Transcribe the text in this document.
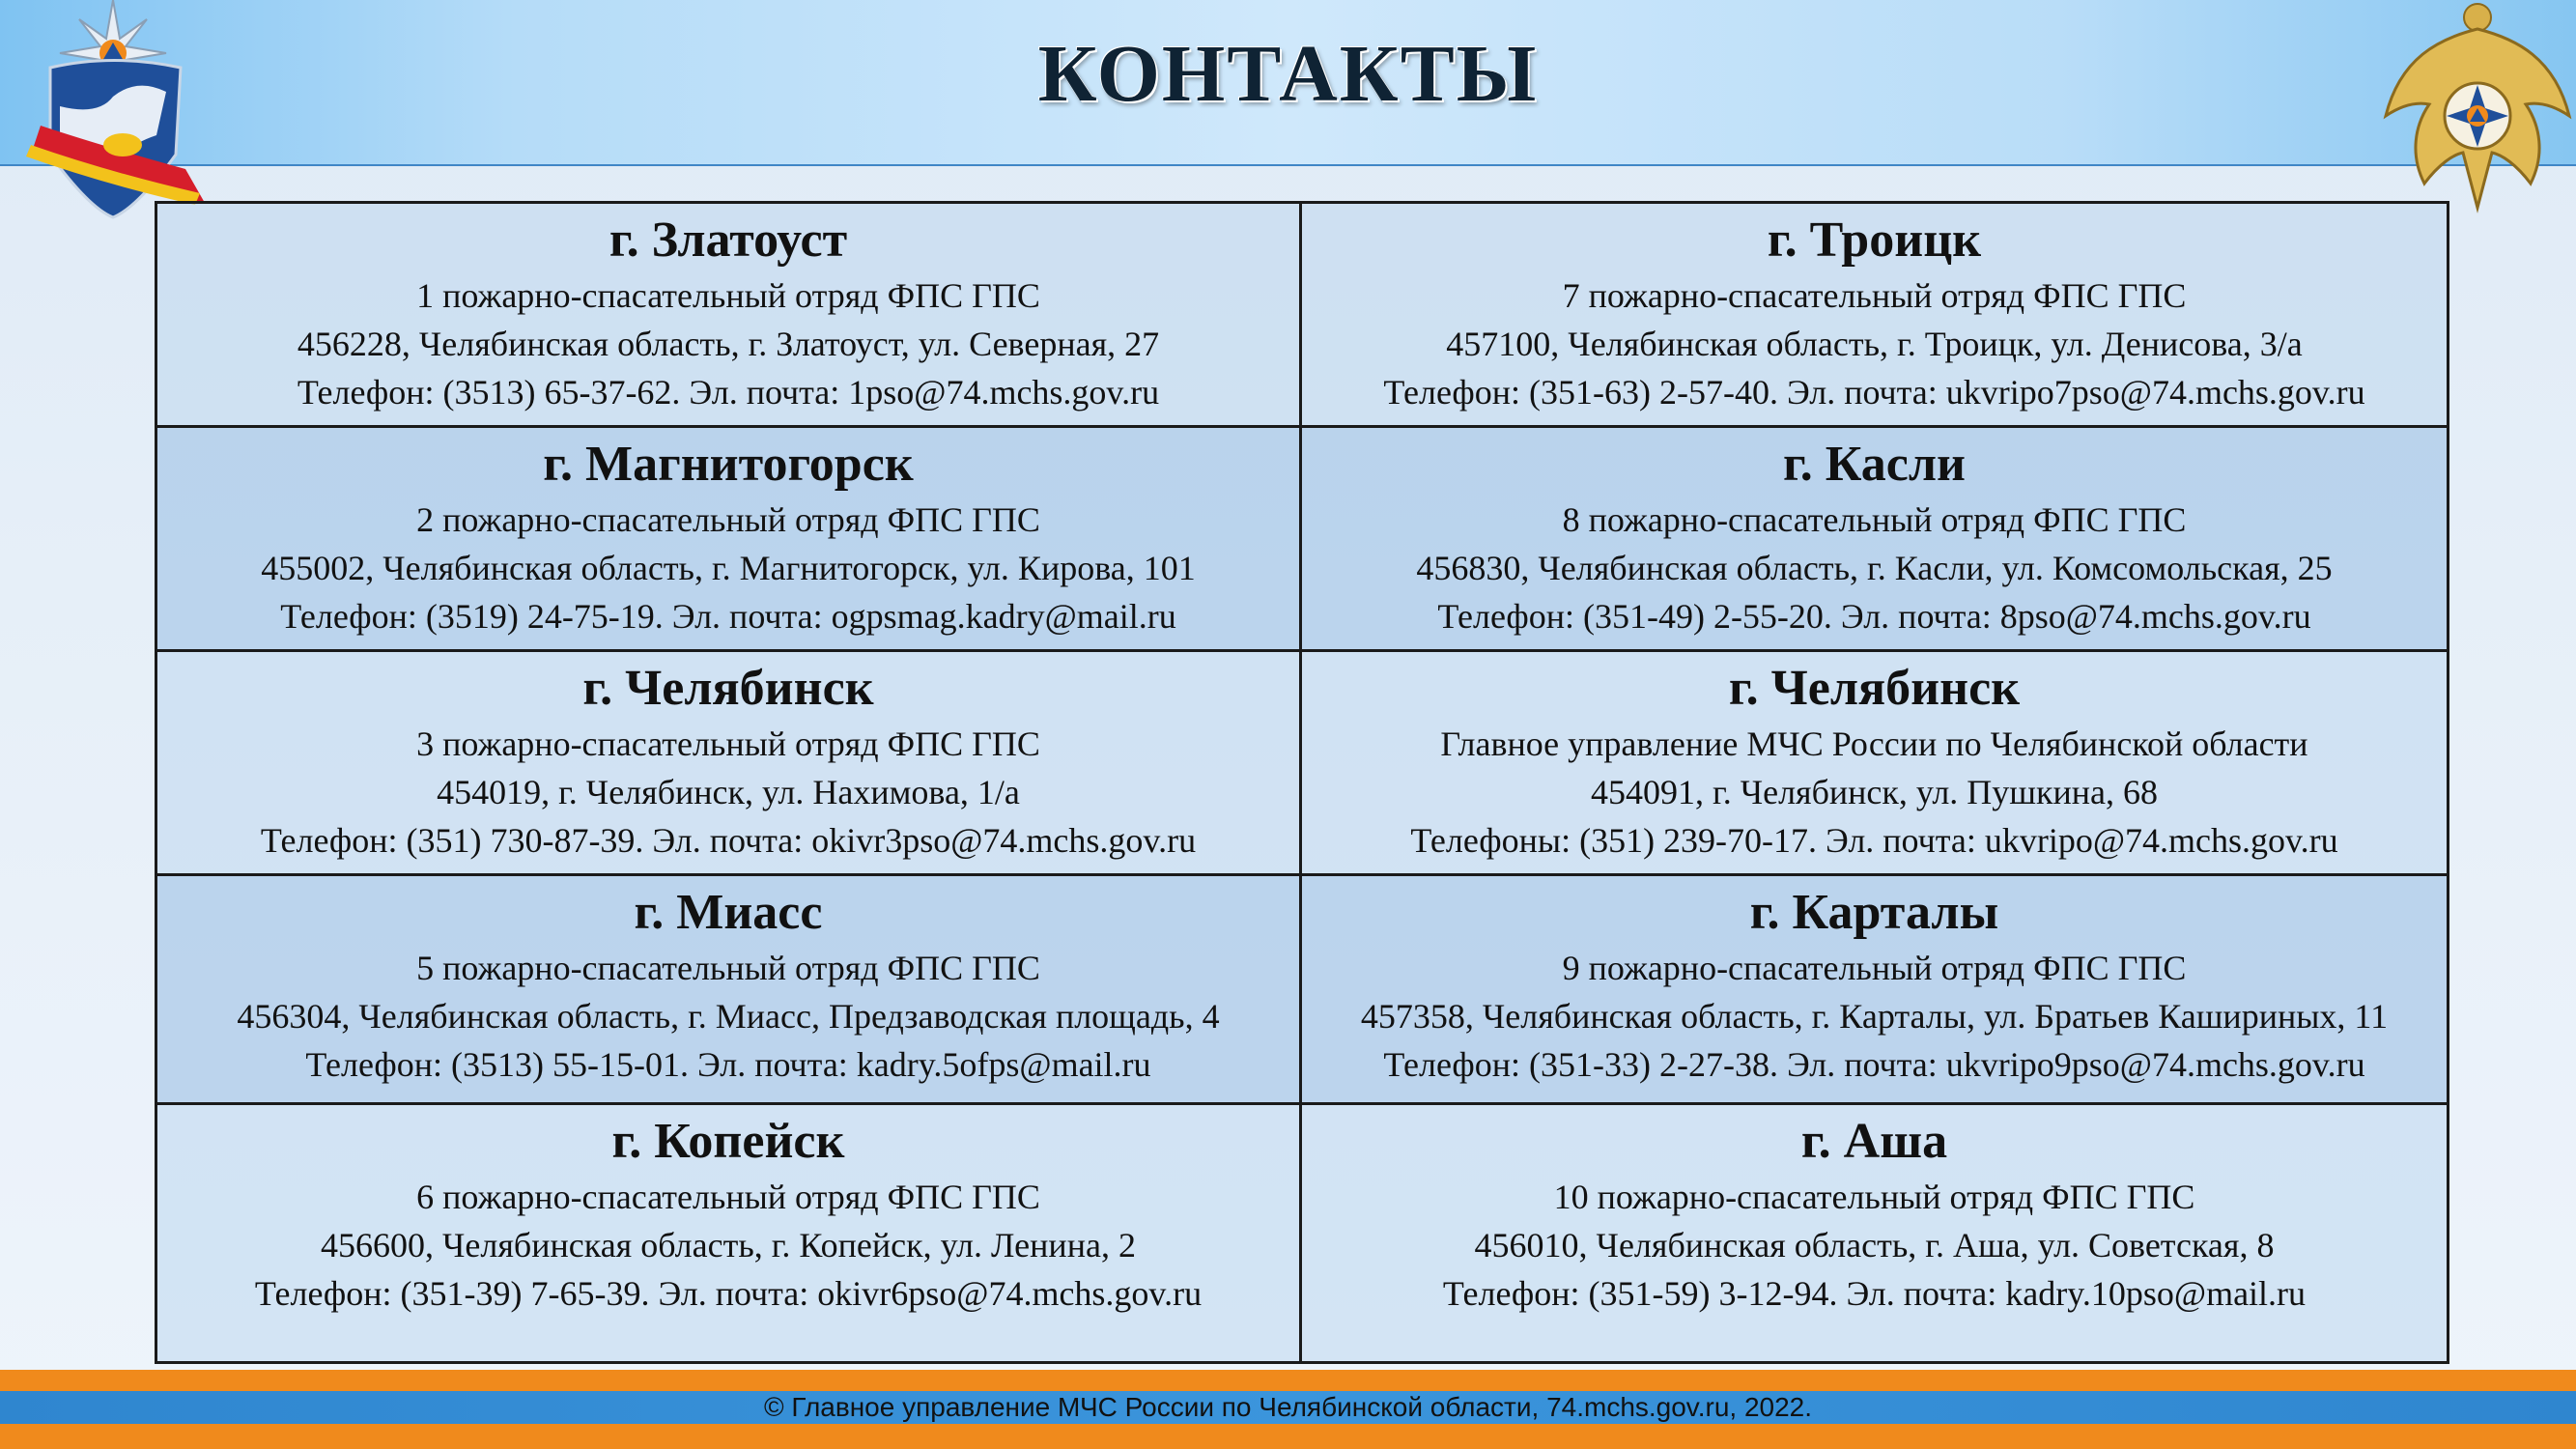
КОНТАКТЫ
г. Златоуст
1 пожарно-спасательный отряд ФПС ГПС
456228, Челябинская область, г. Златоуст, ул. Северная, 27
Телефон: (3513) 65-37-62. Эл. почта: 1pso@74.mchs.gov.ru
г. Троицк
7 пожарно-спасательный отряд ФПС ГПС
457100, Челябинская область, г. Троицк, ул. Денисова, 3/а
Телефон: (351-63) 2-57-40. Эл. почта: ukvripo7pso@74.mchs.gov.ru
г. Магнитогорск
2 пожарно-спасательный отряд ФПС ГПС
455002, Челябинская область, г. Магнитогорск, ул. Кирова, 101
Телефон: (3519) 24-75-19. Эл. почта: ogpsmag.kadry@mail.ru
г. Касли
8 пожарно-спасательный отряд ФПС ГПС
456830, Челябинская область, г. Касли, ул. Комсомольская, 25
Телефон: (351-49) 2-55-20. Эл. почта: 8pso@74.mchs.gov.ru
г. Челябинск
3 пожарно-спасательный отряд ФПС ГПС
454019, г. Челябинск, ул. Нахимова, 1/а
Телефон: (351) 730-87-39. Эл. почта: okivr3pso@74.mchs.gov.ru
г. Челябинск
Главное управление МЧС России по Челябинской области
454091, г. Челябинск, ул. Пушкина, 68
Телефоны: (351) 239-70-17. Эл. почта: ukvripo@74.mchs.gov.ru
г. Миасс
5 пожарно-спасательный отряд ФПС ГПС
456304, Челябинская область, г. Миасс, Предзаводская площадь, 4
Телефон: (3513) 55-15-01. Эл. почта: kadry.5ofps@mail.ru
г. Карталы
9 пожарно-спасательный отряд ФПС ГПС
457358, Челябинская область, г. Карталы, ул. Братьев Кашириных, 11
Телефон: (351-33) 2-27-38. Эл. почта: ukvripo9pso@74.mchs.gov.ru
г. Копейск
6 пожарно-спасательный отряд ФПС ГПС
456600, Челябинская область, г. Копейск, ул. Ленина, 2
Телефон: (351-39) 7-65-39. Эл. почта: okivr6pso@74.mchs.gov.ru
г. Аша
10 пожарно-спасательный отряд ФПС ГПС
456010, Челябинская область, г. Аша, ул. Советская, 8
Телефон: (351-59) 3-12-94. Эл. почта: kadry.10pso@mail.ru
© Главное управление МЧС России по Челябинской области, 74.mchs.gov.ru, 2022.
